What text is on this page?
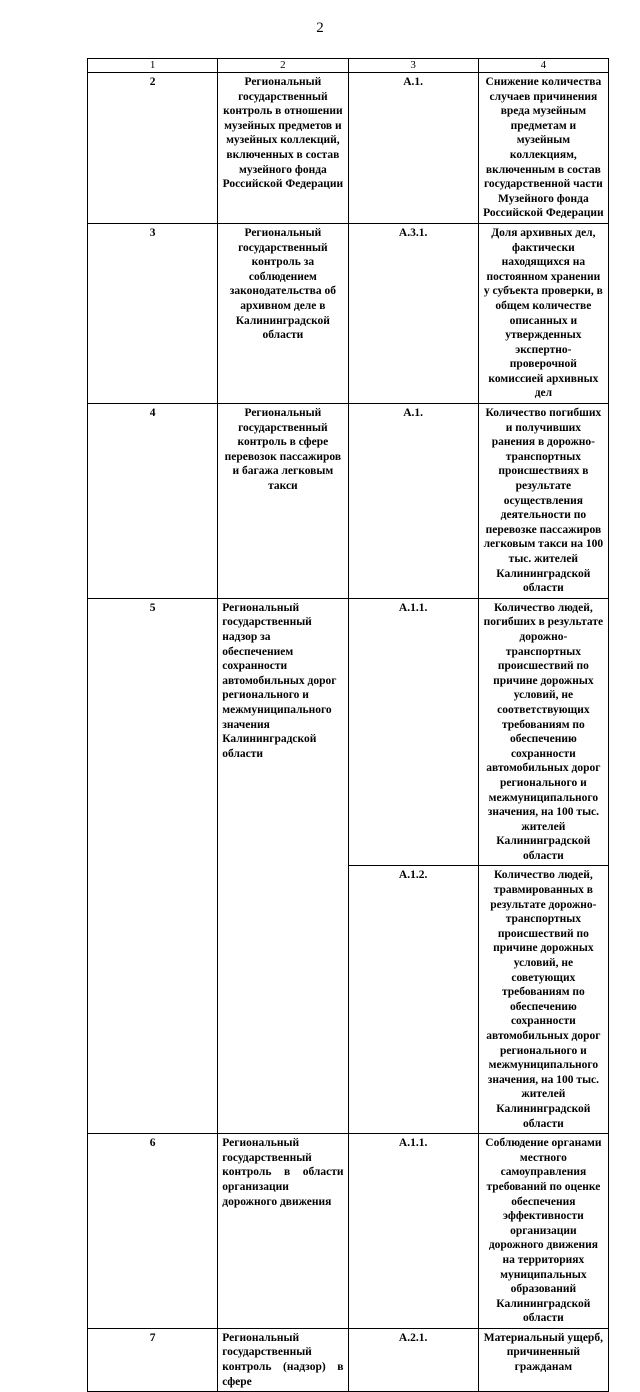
2
1	2	3	4

2	Региональный государственный контроль в отношении музейных предметов и музейных коллекций, включенных в состав музейного фонда Российской Федерации	А.1.	Снижение количества случаев причинения вреда музейным предметам и музейным коллекциям, включенным в состав государственной части Музейного фонда Российской Федерации

3	Региональный государственный контроль за соблюдением законодательства об архивном деле в Калининградской области	А.3.1.	Доля архивных дел, фактически находящихся на постоянном хранении у субъекта проверки, в общем количестве описанных и утвержденных экспертно-проверочной комиссией архивных дел

4	Региональный государственный контроль в сфере перевозок пассажиров и багажа легковым такси	А.1.	Количество погибших и получивших ранения в дорожно-транспортных происшествиях в результате осуществления деятельности по перевозке пассажиров легковым такси на 100 тыс. жителей Калининградской области

5	Региональный государственный надзор за обеспечением сохранности автомобильных дорог регионального и межмуниципального значения Калининградской области	А.1.1.	Количество людей, погибших в результате дорожно-транспортных происшествий по причине дорожных условий, не соответствующих требованиям по обеспечению сохранности автомобильных дорог регионального и межмуниципального значения, на 100 тыс. жителей Калининградской области

		А.1.2.	Количество людей, травмированных в результате дорожно-транспортных происшествий по причине дорожных условий, не советующих требованиям по обеспечению сохранности автомобильных дорог регионального и межмуниципального значения, на 100 тыс. жителей Калининградской области

6	Региональный государственный контроль в области организации дорожного движения	А.1.1.	Соблюдение органами местного самоуправления требований по оценке обеспечения эффективности организации дорожного движения на территориях муниципальных образований Калининградской области

7	Региональный государственный контроль (надзор) в сфере	А.2.1.	Материальный ущерб, причиненный гражданам
